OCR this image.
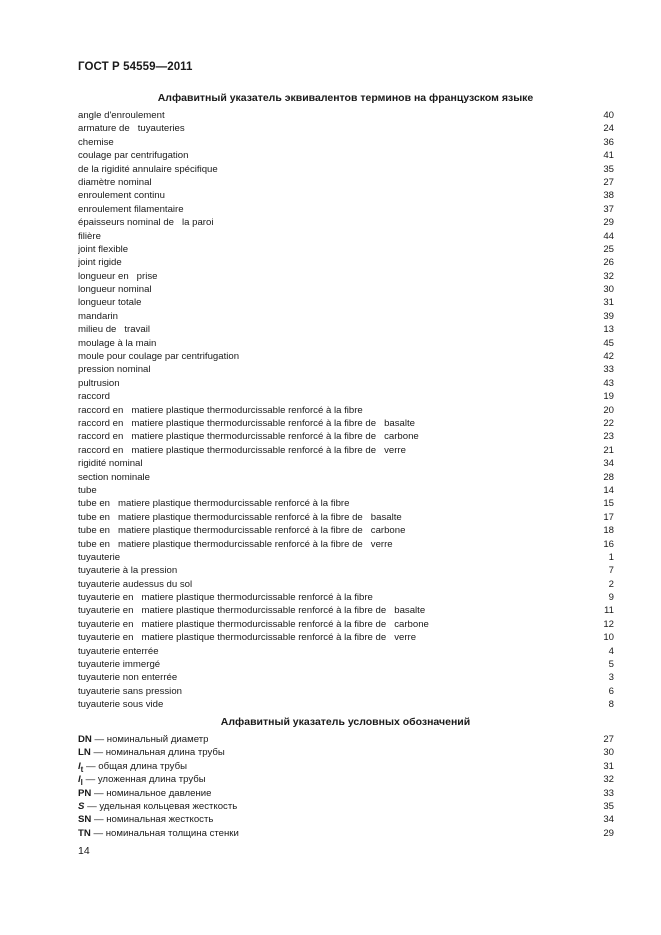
ГОСТ Р 54559—2011
Алфавитный указатель эквивалентов терминов на французском языке
angle d'enroulement	40
armature de   tuyauteries	24
chemise	36
coulage par centrifugation	41
de la rigidité annulaire spécifique	35
diamètre nominal	27
enroulement continu	38
enroulement filamentaire	37
épaisseurs nominal de   la paroi	29
filière	44
joint flexible	25
joint rigide	26
longueur en   prise	32
longueur nominal	30
longueur totale	31
mandarin	39
milieu de   travail	13
moulage à la main	45
moule pour coulage par centrifugation	42
pression nominal	33
pultrusion	43
raccord	19
raccord en   matiere plastique thermodurcissable renforcé à la fibre	20
raccord en   matiere plastique thermodurcissable renforcé à la fibre de   basalte	22
raccord en   matiere plastique thermodurcissable renforcé à la fibre de   carbone	23
raccord en   matiere plastique thermodurcissable renforcé à la fibre de   verre	21
rigidité nominal	34
section nominale	28
tube	14
tube en   matiere plastique thermodurcissable renforcé à la fibre	15
tube en   matiere plastique thermodurcissable renforcé à la fibre de   basalte	17
tube en   matiere plastique thermodurcissable renforcé à la fibre de   carbone	18
tube en   matiere plastique thermodurcissable renforcé à la fibre de   verre	16
tuyauterie	1
tuyauterie à la pression	7
tuyauterie audessus du sol	2
tuyauterie en   matiere plastique thermodurcissable renforcé à la fibre	9
tuyauterie en   matiere plastique thermodurcissable renforcé à la fibre de   basalte	11
tuyauterie en   matiere plastique thermodurcissable renforcé à la fibre de   carbone	12
tuyauterie en   matiere plastique thermodurcissable renforcé à la fibre de   verre	10
tuyauterie enterrée	4
tuyauterie immergé	5
tuyauterie non enterrée	3
tuyauterie sans pression	6
tuyauterie sous vide	8
Алфавитный указатель условных обозначений
DN — номинальный диаметр	27
LN — номинальная длина трубы	30
$l_t$ — общая длина трубы	31
$l_l$ — уложенная длина трубы	32
PN — номинальное давление	33
S — удельная кольцевая жесткость	35
SN — номинальная жесткость	34
TN — номинальная толщина стенки	29
14
